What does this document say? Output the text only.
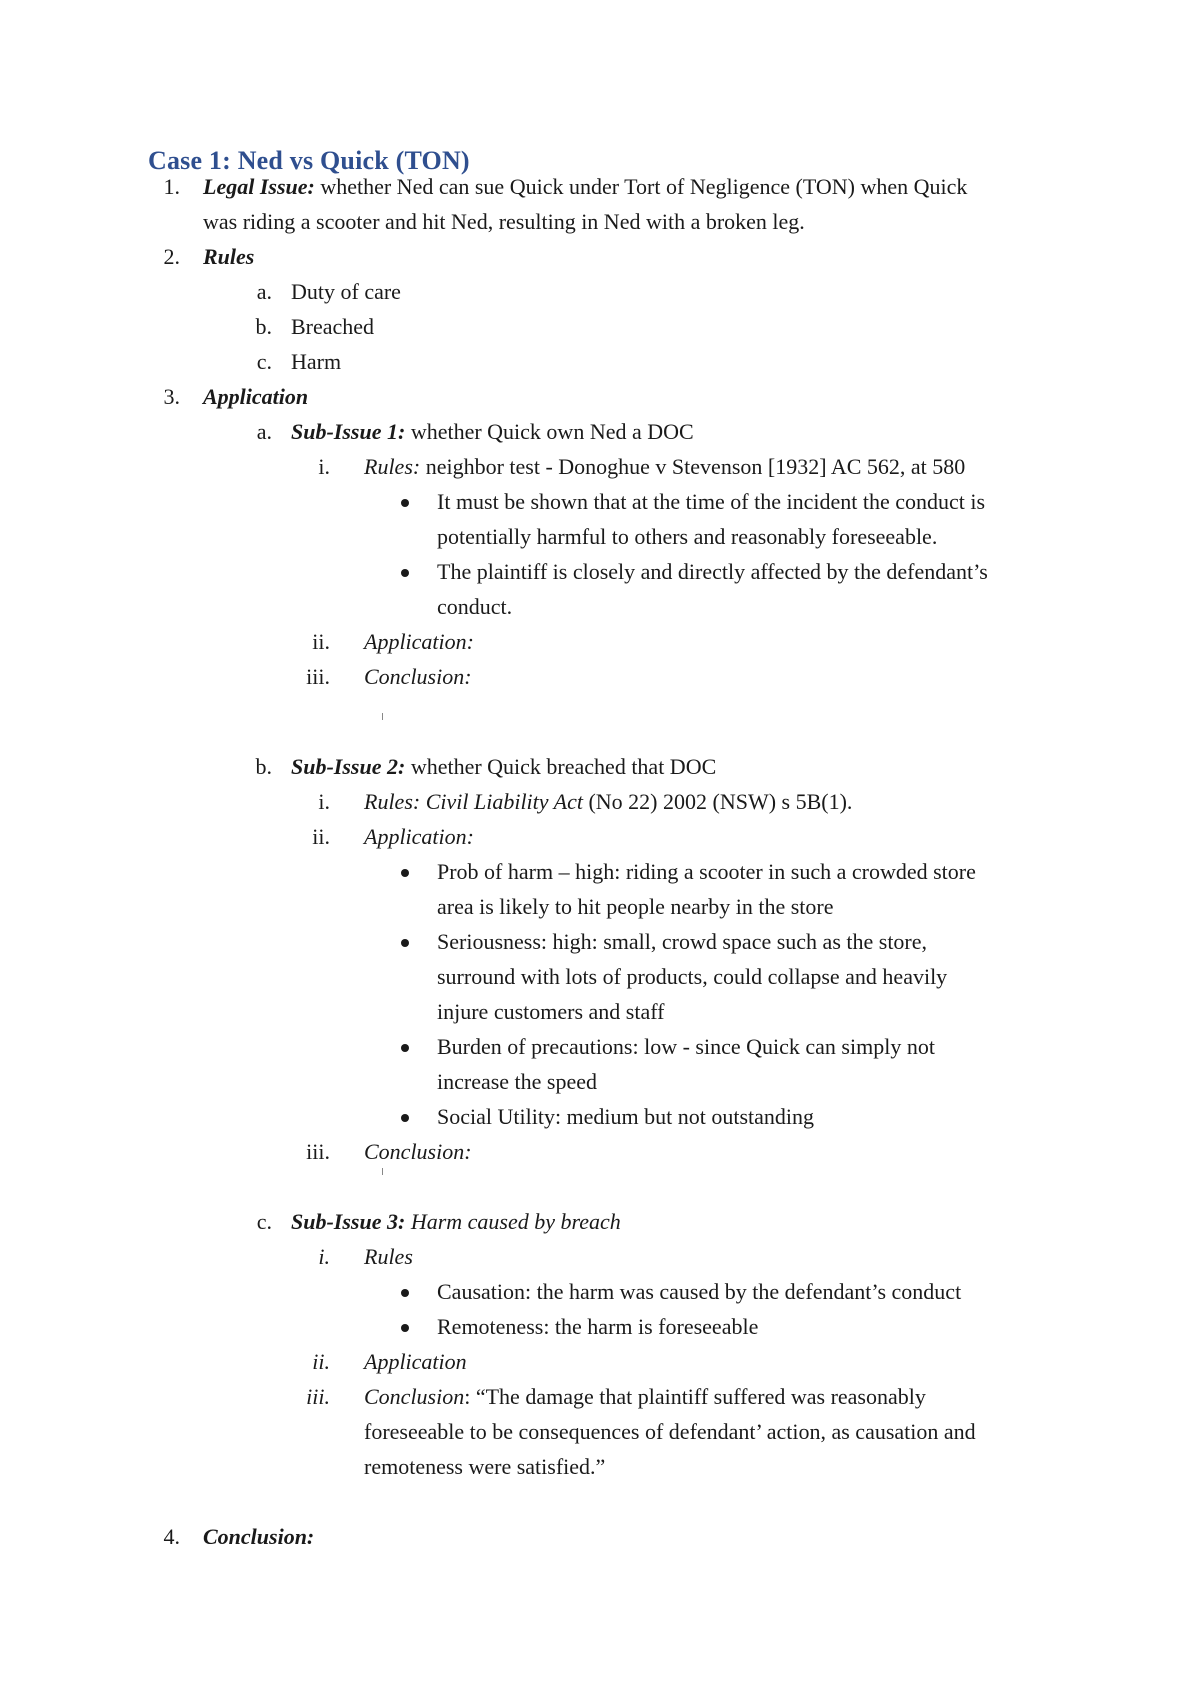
Case 1: Ned vs Quick (TON)
1. Legal Issue: whether Ned can sue Quick under Tort of Negligence (TON) when Quick
was riding a scooter and hit Ned, resulting in Ned with a broken leg.
2. Rules
a. Duty of care
b. Breached
c. Harm
3. Application
a. Sub-Issue 1: whether Quick own Ned a DOC
i. Rules: neighbor test - Donoghue v Stevenson [1932] AC 562, at 580
It must be shown that at the time of the incident the conduct is
potentially harmful to others and reasonably foreseeable.
The plaintiff is closely and directly affected by the defendant’s
conduct.
ii. Application:
iii. Conclusion:
b. Sub-Issue 2: whether Quick breached that DOC
i. Rules: Civil Liability Act (No 22) 2002 (NSW) s 5B(1).
ii. Application:
Prob of harm – high: riding a scooter in such a crowded store
area is likely to hit people nearby in the store
Seriousness: high: small, crowd space such as the store,
surround with lots of products, could collapse and heavily
injure customers and staff
Burden of precautions: low - since Quick can simply not
increase the speed
Social Utility: medium but not outstanding
iii. Conclusion:
c. Sub-Issue 3: Harm caused by breach
i. Rules
Causation: the harm was caused by the defendant’s conduct
Remoteness: the harm is foreseeable
ii. Application
iii. Conclusion: “The damage that plaintiff suffered was reasonably
foreseeable to be consequences of defendant’ action, as causation and
remoteness were satisfied.”
4. Conclusion:
